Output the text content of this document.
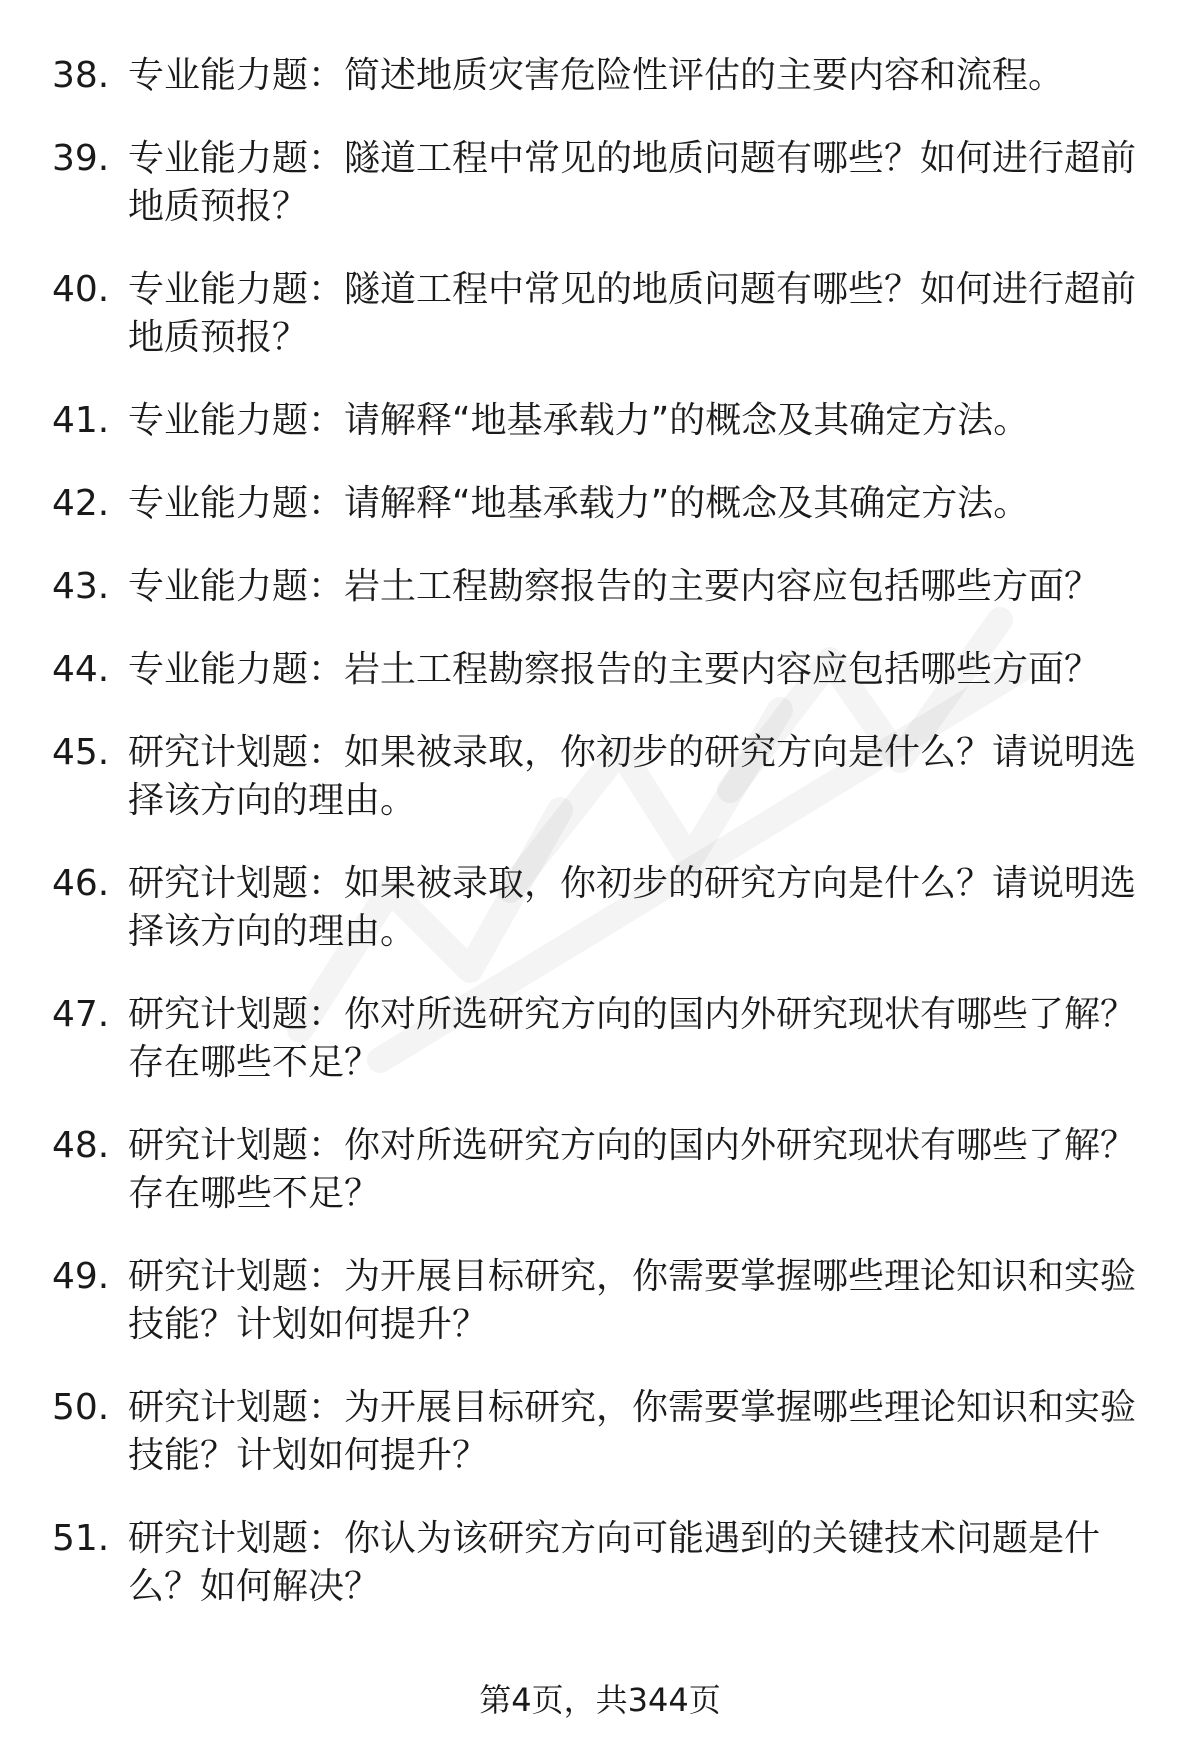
38. 专业能力题：简述地质灾害危险性评估的主要内容和流程。
39. 专业能力题：隧道工程中常见的地质问题有哪些？如何进行超前地质预报？
40. 专业能力题：隧道工程中常见的地质问题有哪些？如何进行超前地质预报？
41. 专业能力题：请解释“地基承载力”的概念及其确定方法。
42. 专业能力题：请解释“地基承载力”的概念及其确定方法。
43. 专业能力题：岩土工程勘察报告的主要内容应包括哪些方面？
44. 专业能力题：岩土工程勘察报告的主要内容应包括哪些方面？
45. 研究计划题：如果被录取，你初步的研究方向是什么？请说明选择该方向的理由。
46. 研究计划题：如果被录取，你初步的研究方向是什么？请说明选择该方向的理由。
47. 研究计划题：你对所选研究方向的国内外研究现状有哪些了解？存在哪些不足？
48. 研究计划题：你对所选研究方向的国内外研究现状有哪些了解？存在哪些不足？
49. 研究计划题：为开展目标研究，你需要掌握哪些理论知识和实验技能？计划如何提升？
50. 研究计划题：为开展目标研究，你需要掌握哪些理论知识和实验技能？计划如何提升？
51. 研究计划题：你认为该研究方向可能遇到的关键技术问题是什么？如何解决？
第4页，共344页
